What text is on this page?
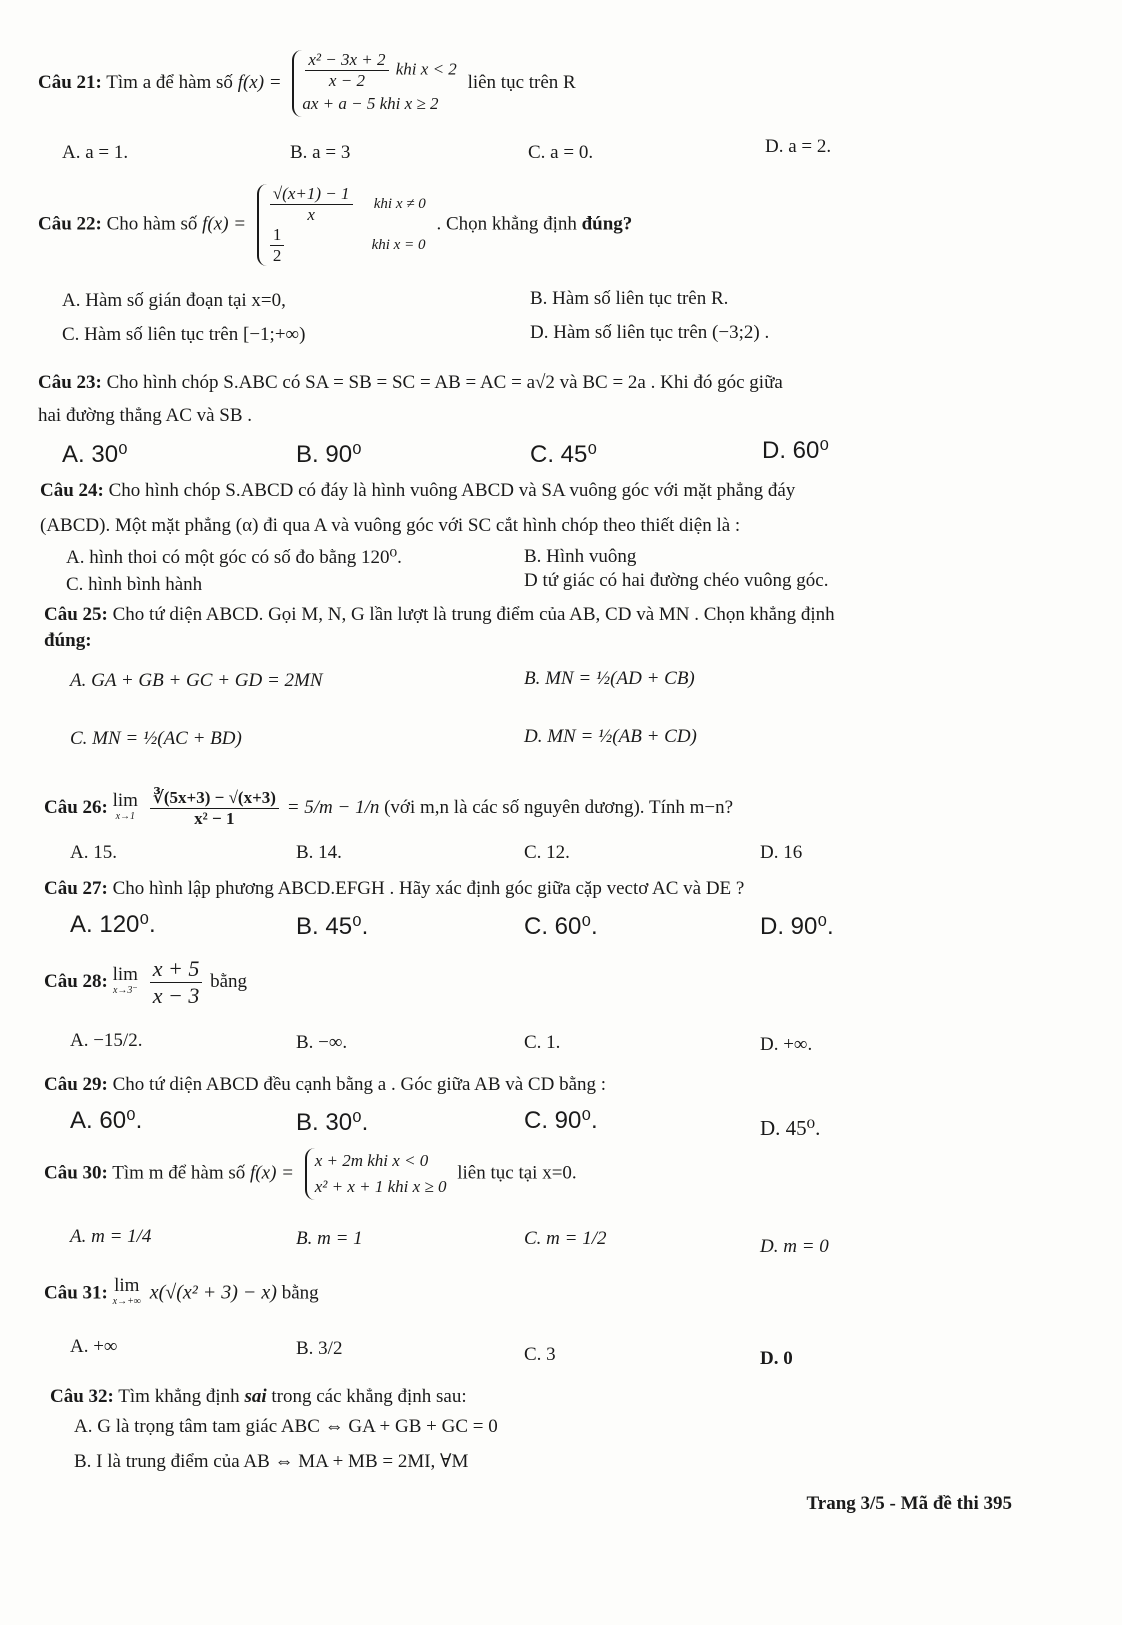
Câu 21: Tìm a để hàm số $f(x) = \frac{\text{x² − 3x + 2}}{x - 2}$ khi x < 2
ax + a − 5 khi x ≥ 2
liên tục trên R
A. a = 1.	B. a = 3	C. a = 0.	D. a = 2.
Câu 22: Cho hàm số $f(x) = \frac{√(x+1) - 1}{x}$ khi x ≠ 0
$\frac{1}{2}$	khi x = 0
. Chọn khẳng định đúng?
A. Hàm số gián đoạn tại x=0,	B. Hàm số liên tục trên R.
C. Hàm số liên tục trên [−1;+∞)	D. Hàm số liên tục trên (−3;2) .
Câu 23: Cho hình chóp S.ABC có SA = SB = SC = AB = AC = a√2 và BC = 2a . Khi đó góc giữa
hai đường thẳng AC và SB .
A. 30⁰	B. 90⁰	C. 45⁰	D. 60⁰
Câu 24: Cho hình chóp S.ABCD có đáy là hình vuông ABCD và SA vuông góc với mặt phẳng đáy
(ABCD). Một mặt phẳng (α) đi qua A và vuông góc với SC cắt hình chóp theo thiết diện là :
A. hình thoi có một góc có số đo bằng 120⁰.	B. Hình vuông
C. hình bình hành	D tứ giác có hai đường chéo vuông góc.
Câu 25: Cho tứ diện ABCD. Gọi M, N, G lần lượt là trung điểm của AB, CD và MN . Chọn khẳng định
đúng:
A. GA + GB + GC + GD = 2MN	B. MN = ½(AD + CB)
C. MN = ½(AC + BD)	D. MN = ½(AB + CD)
Câu 26: lim
x→1
$\frac{∛(5x+3) - √(x+3)}{\text{x² − 1}} = 5/m - 1/n$ (với m,n là các số nguyên dương). Tính m−n?
A. 15.	B. 14.	C. 12.	D. 16
Câu 27: Cho hình lập phương ABCD.EFGH . Hãy xác định góc giữa cặp vectơ AC và DE ?
A. 120⁰.	B. 45⁰.	C. 60⁰.	D. 90⁰.
Câu 28: lim
x→3⁻
$\frac{x + 5}{x - 3}$ bằng
A. −15/2.	B. −∞.	C. 1.	D. +∞.
Câu 29: Cho tứ diện ABCD đều cạnh bằng a . Góc giữa AB và CD bằng :
A. 60⁰.	B. 30⁰.	C. 90⁰.	D. 45⁰.
Câu 30: Tìm m để hàm số f(x) =
x + 2m khi x < 0
x² + x + 1 khi x ≥ 0
liên tục tại x=0.
A. m = 1/4	B. m = 1	C. m = 1/2	D. m = 0
Câu 31: lim
x→+∞ x(√(x² + 3) − x) bằng
A. +∞	B. 3/2	C. 3	D. 0
Câu 32: Tìm khẳng định sai trong các khẳng định sau:
A. G là trọng tâm tam giác ABC ⇔ GA + GB + GC = 0
B. I là trung điểm của AB ⇔ MA + MB = 2MI, ∀M
Trang 3/5 - Mã đề thi 395
